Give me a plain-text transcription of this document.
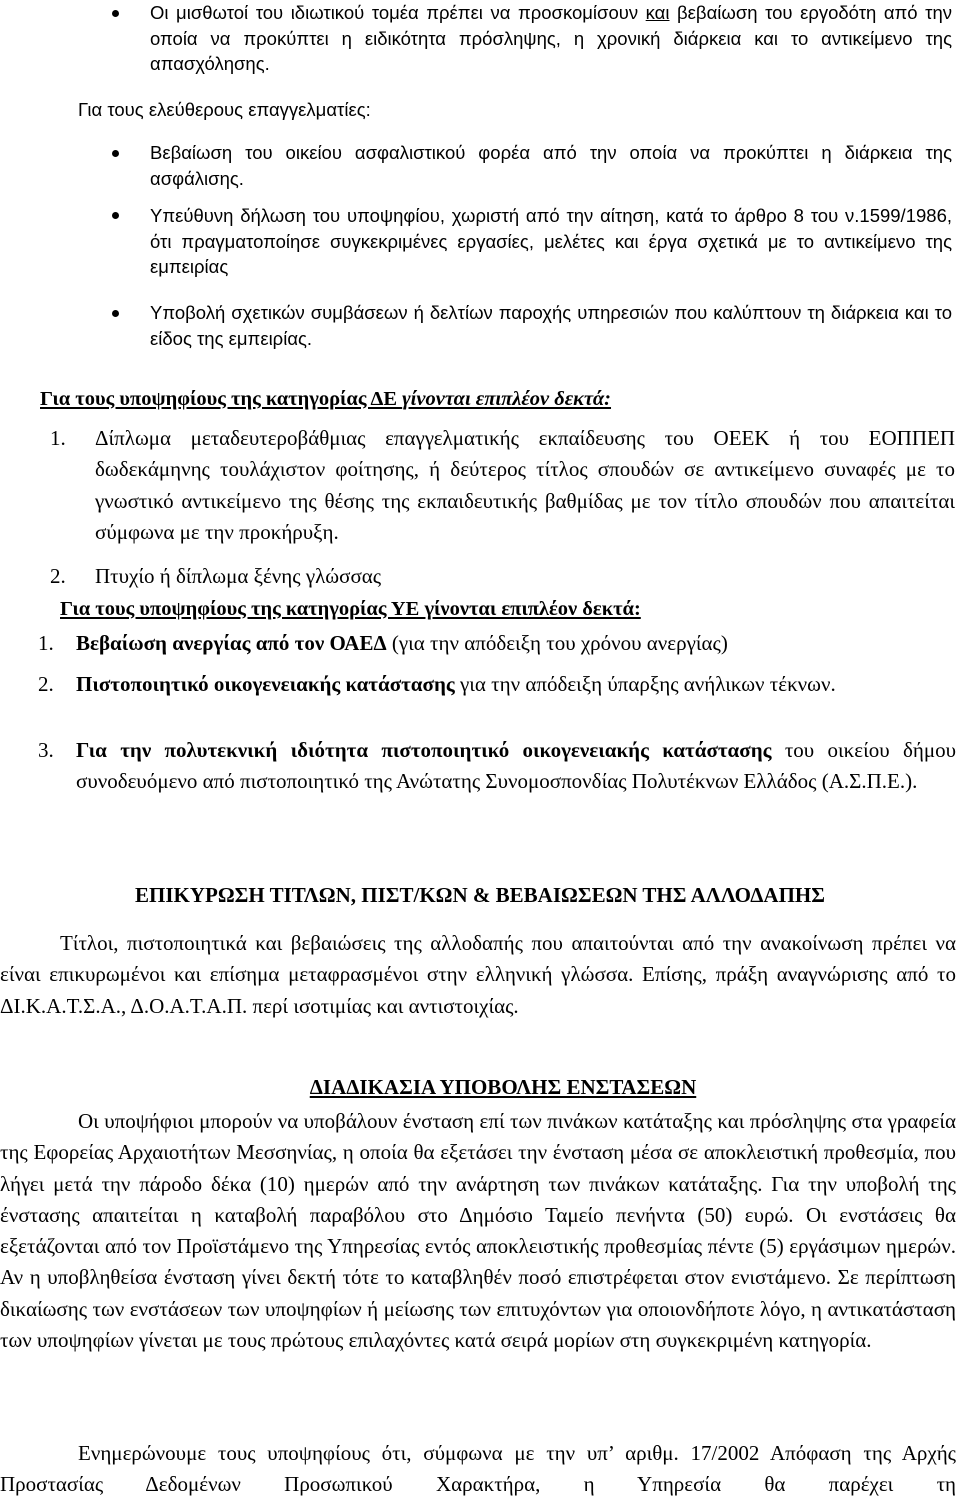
Οι μισθωτοί του ιδιωτικού τομέα πρέπει να προσκομίσουν και βεβαίωση του εργοδότη από την οποία να προκύπτει η ειδικότητα πρόσληψης, η χρονική διάρκεια και το αντικείμενο της απασχόλησης.
Για τους ελεύθερους επαγγελματίες:
Βεβαίωση του οικείου ασφαλιστικού φορέα από την οποία να προκύπτει η διάρκεια της ασφάλισης.
Υπεύθυνη δήλωση του υποψηφίου, χωριστή από την αίτηση, κατά το άρθρο 8 του ν.1599/1986, ότι πραγματοποίησε συγκεκριμένες εργασίες, μελέτες και έργα σχετικά με το αντικείμενο της εμπειρίας
Υποβολή σχετικών συμβάσεων ή δελτίων παροχής υπηρεσιών που καλύπτουν τη διάρκεια και το είδος της εμπειρίας.
Για τους υποψηφίους της κατηγορίας ΔΕ γίνονται επιπλέον δεκτά:
1. Δίπλωμα μεταδευτεροβάθμιας επαγγελματικής εκπαίδευσης του ΟΕΕΚ ή του ΕΟΠΠΕΠ δωδεκάμηνης τουλάχιστον φοίτησης, ή δεύτερος τίτλος σπουδών σε αντικείμενο συναφές με το γνωστικό αντικείμενο της θέσης της εκπαιδευτικής βαθμίδας με τον τίτλο σπουδών που απαιτείται σύμφωνα με την προκήρυξη.
2. Πτυχίο ή δίπλωμα ξένης γλώσσας
Για τους υποψηφίους της κατηγορίας ΥΕ γίνονται επιπλέον δεκτά:
1. Βεβαίωση ανεργίας από τον ΟΑΕΔ (για την απόδειξη του χρόνου ανεργίας)
2. Πιστοποιητικό οικογενειακής κατάστασης για την απόδειξη ύπαρξης ανήλικων τέκνων.
3. Για την πολυτεκνική ιδιότητα πιστοποιητικό οικογενειακής κατάστασης του οικείου δήμου συνοδευόμενο από πιστοποιητικό της Ανώτατης Συνομοσπονδίας Πολυτέκνων Ελλάδος (Α.Σ.Π.Ε.).
ΕΠΙΚΥΡΩΣΗ ΤΙΤΛΩΝ, ΠΙΣΤ/ΚΩΝ & ΒΕΒΑΙΩΣΕΩΝ ΤΗΣ ΑΛΛΟΔΑΠΗΣ
Τίτλοι, πιστοποιητικά και βεβαιώσεις της αλλοδαπής που απαιτούνται από την ανακοίνωση πρέπει να είναι επικυρωμένοι και επίσημα μεταφρασμένοι στην ελληνική γλώσσα. Επίσης, πράξη αναγνώρισης από το ΔΙ.Κ.Α.Τ.Σ.Α., Δ.Ο.Α.Τ.Α.Π. περί ισοτιμίας και αντιστοιχίας.
ΔΙΑΔΙΚΑΣΙΑ ΥΠΟΒΟΛΗΣ ΕΝΣΤΑΣΕΩΝ
Οι υποψήφιοι μπορούν να υποβάλουν ένσταση επί των πινάκων κατάταξης και πρόσληψης στα γραφεία της Εφορείας Αρχαιοτήτων Μεσσηνίας, η οποία θα εξετάσει την ένσταση μέσα σε αποκλειστική προθεσμία, που λήγει μετά την πάροδο δέκα (10) ημερών από την ανάρτηση των πινάκων κατάταξης. Για την υποβολή της ένστασης απαιτείται η καταβολή παραβόλου στο Δημόσιο Ταμείο πενήντα (50) ευρώ. Οι ενστάσεις θα εξετάζονται από τον Προϊστάμενο της Υπηρεσίας εντός αποκλειστικής προθεσμίας πέντε (5) εργάσιμων ημερών. Αν η υποβληθείσα ένσταση γίνει δεκτή τότε το καταβληθέν ποσό επιστρέφεται στον ενιστάμενο. Σε περίπτωση δικαίωσης των ενστάσεων των υποψηφίων ή μείωσης των επιτυχόντων για οποιονδήποτε λόγο, η αντικατάσταση των υποψηφίων γίνεται με τους πρώτους επιλαχόντες κατά σειρά μορίων στη συγκεκριμένη κατηγορία.
Ενημερώνουμε τους υποψηφίους ότι, σύμφωνα με την υπ’ αριθμ. 17/2002 Απόφαση της Αρχής Προστασίας Δεδομένων Προσωπικού Χαρακτήρα, η Υπηρεσία θα παρέχει τη
